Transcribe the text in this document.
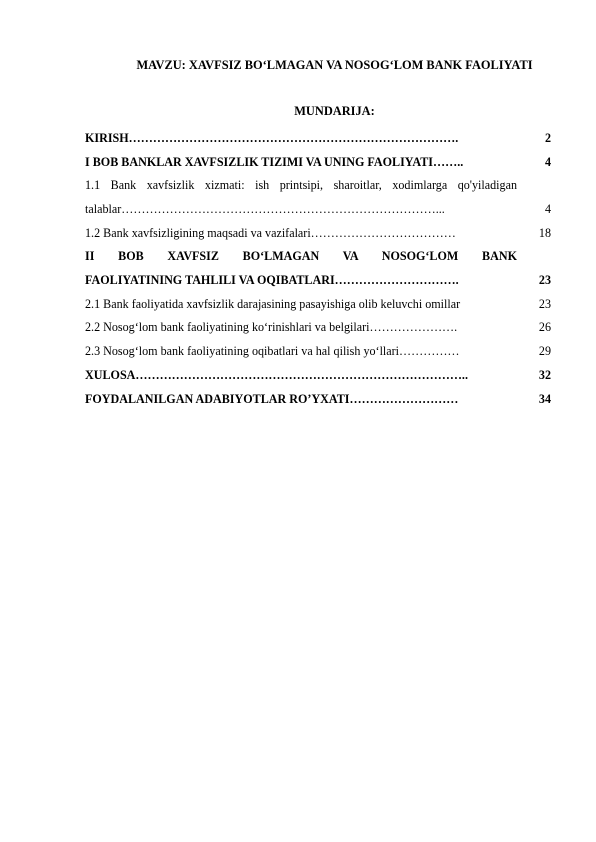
MAVZU: XAVFSIZ BO‘LMAGAN VA NOSOG‘LOM BANK FAOLIYATI
MUNDARIJA:
KIRISH……………………………………………………………………….	2
I BOB BANKLAR XAVFSIZLIK TIZIMI VA UNING FAOLIYATI……..	4
1.1 Bank xavfsizlik xizmati: ish printsipi, sharoitlar, xodimlarga qo'yiladigan
talablar……………………………………………………………………...	4
1.2 Bank xavfsizligining maqsadi va vazifalari………………………………	18
II BOB XAVFSIZ BO‘LMAGAN VA NOSOG‘LOM BANK
FAOLIYATINING TAHLILI VA OQIBATLARI………………………….	23
2.1 Bank faoliyatida xavfsizlik darajasining pasayishiga olib keluvchi omillar	23
2.2 Nosog‘lom bank faoliyatining ko‘rinishlari va belgilari………………….	26
2.3 Nosog‘lom bank faoliyatining oqibatlari va hal qilish yo‘llari……………	29
XULOSA………………………………………………………………………..	32
FOYDALANILGAN ADABIYOTLAR RO’YXATI………………………	34
